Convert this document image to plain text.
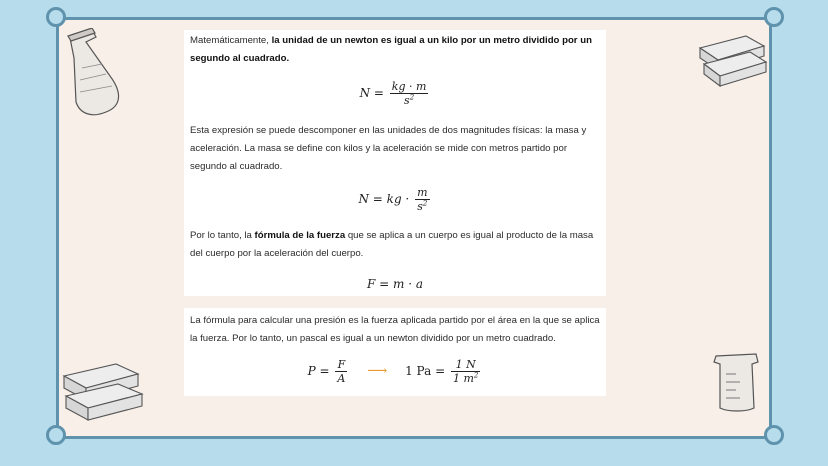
Matemáticamente, la unidad de un newton es igual a un kilo por un metro dividido por un segundo al cuadrado.

$N = \frac{kg \cdot m}{s^2}$

Esta expresión se puede descomponer en las unidades de dos magnitudes físicas: la masa y aceleración. La masa se define con kilos y la aceleración se mide con metros partido por segundo al cuadrado.

N = kg · $\frac{m}{s^2}$

Por lo tanto, la fórmula de la fuerza que se aplica a un cuerpo es igual al producto de la masa del cuerpo por la aceleración del cuerpo.

F = m · a

La fórmula para calcular una presión es la fuerza aplicada partido por el área en la que se aplica la fuerza. Por lo tanto, un pascal es igual a un newton dividido por un metro cuadrado.

$P = \frac{F}{A}$ ⟶ 1 $Pa = \frac{1 N}{1 m^2}$
